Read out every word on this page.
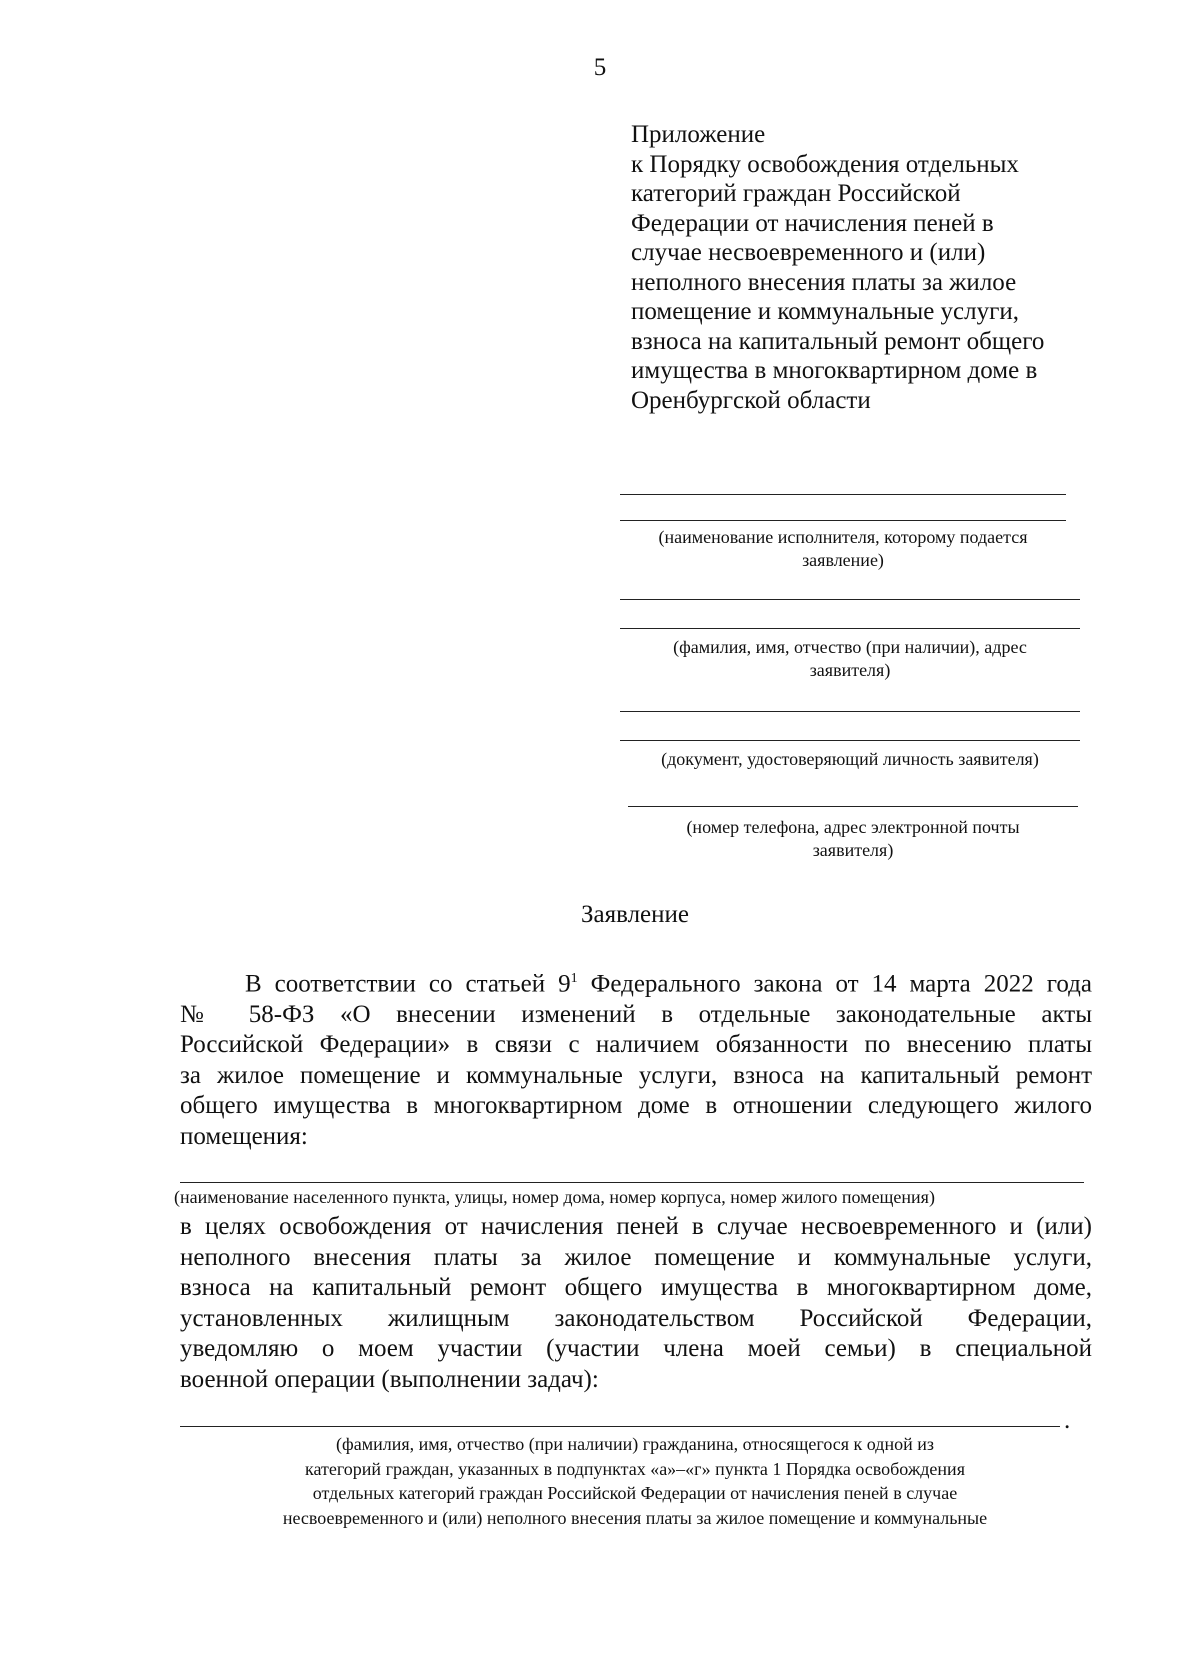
5
Приложение
к Порядку освобождения отдельных
категорий граждан Российской
Федерации от начисления пеней в
случае несвоевременного и (или)
неполного внесения платы за жилое
помещение и коммунальные услуги,
взноса на капитальный ремонт общего
имущества в многоквартирном доме в
Оренбургской области
(наименование исполнителя, которому подается
заявление)
(фамилия, имя, отчество (при наличии), адрес
заявителя)
(документ, удостоверяющий личность заявителя)
(номер телефона, адрес электронной почты
заявителя)
Заявление
В соответствии со статьей $9^1$ Федерального закона от 14 марта 2022 года
№ 58-ФЗ «О внесении изменений в отдельные законодательные акты
Российской Федерации» в связи с наличием обязанности по внесению платы
за жилое помещение и коммунальные услуги, взноса на капитальный ремонт
общего имущества в многоквартирном доме в отношении следующего жилого
помещения:
(наименование населенного пункта, улицы, номер дома, номер корпуса, номер жилого помещения)
в целях освобождения от начисления пеней в случае несвоевременного и (или)
неполного внесения платы за жилое помещение и коммунальные услуги,
взноса на капитальный ремонт общего имущества в многоквартирном доме,
установленных жилищным законодательством Российской Федерации,
уведомляю о моем участии (участии члена моей семьи) в специальной
военной операции (выполнении задач):
.
(фамилия, имя, отчество (при наличии) гражданина, относящегося к одной из
категорий граждан, указанных в подпунктах «а»–«г» пункта 1 Порядка освобождения
отдельных категорий граждан Российской Федерации от начисления пеней в случае
несвоевременного и (или) неполного внесения платы за жилое помещение и коммунальные
